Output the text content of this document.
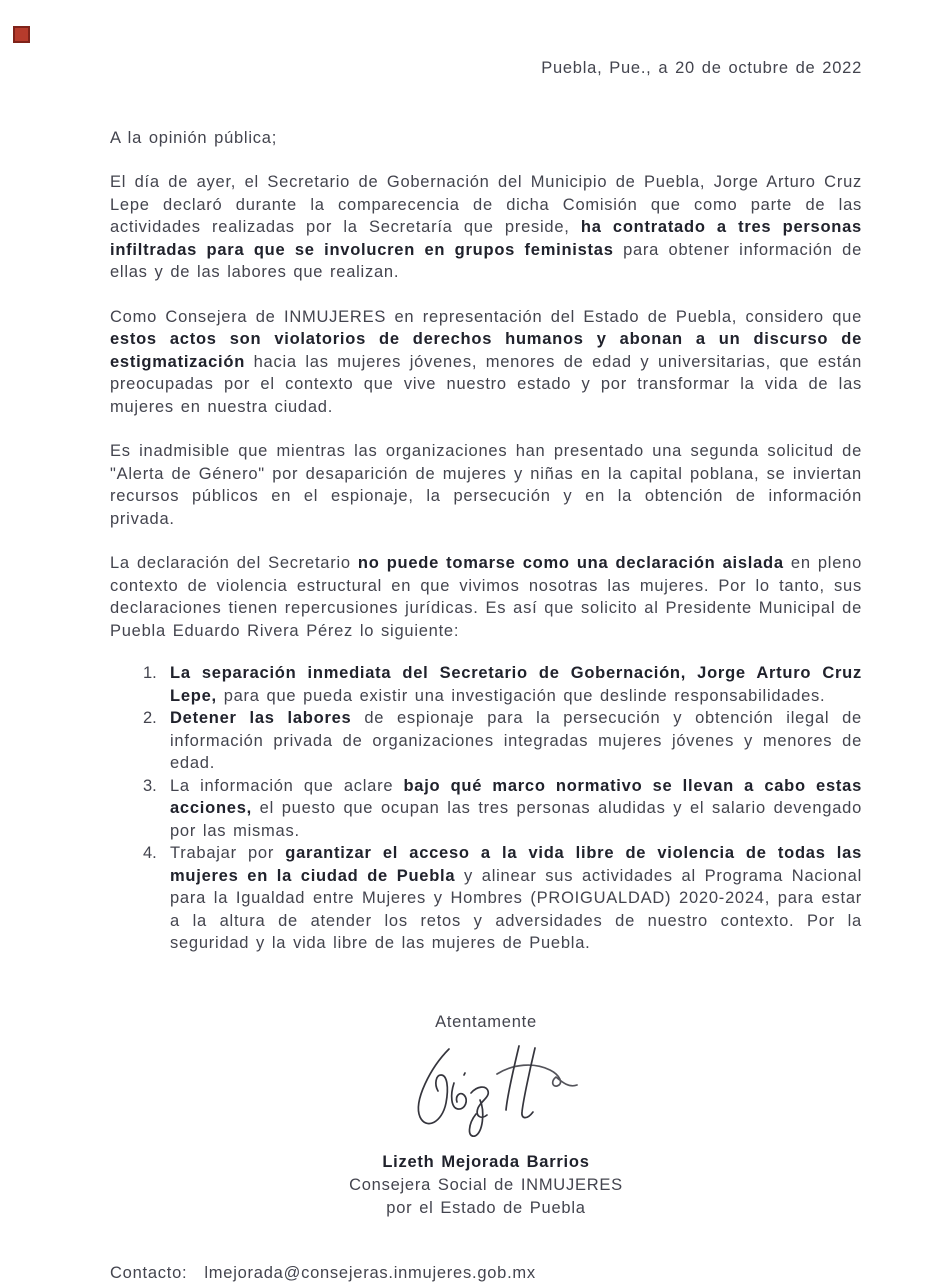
Puebla, Pue., a 20 de octubre de 2022
A la opinión pública;

El día de ayer, el Secretario de Gobernación del Municipio de Puebla, Jorge Arturo Cruz Lepe declaró durante la comparecencia de dicha Comisión que como parte de las actividades realizadas por la Secretaría que preside, ha contratado a tres personas infiltradas para que se involucren en grupos feministas para obtener información de ellas y de las labores que realizan.

Como Consejera de INMUJERES en representación del Estado de Puebla, considero que estos actos son violatorios de derechos humanos y abonan a un discurso de estigmatización hacia las mujeres jóvenes, menores de edad y universitarias, que están preocupadas por el contexto que vive nuestro estado y por transformar la vida de las mujeres en nuestra ciudad.

Es inadmisible que mientras las organizaciones han presentado una segunda solicitud de "Alerta de Género" por desaparición de mujeres y niñas en la capital poblana, se inviertan recursos públicos en el espionaje, la persecución y en la obtención de información privada.

La declaración del Secretario no puede tomarse como una declaración aislada en pleno contexto de violencia estructural en que vivimos nosotras las mujeres. Por lo tanto, sus declaraciones tienen repercusiones jurídicas. Es así que solicito al Presidente Municipal de Puebla Eduardo Rivera Pérez lo siguiente:

1. La separación inmediata del Secretario de Gobernación, Jorge Arturo Cruz Lepe, para que pueda existir una investigación que deslinde responsabilidades.
2. Detener las labores de espionaje para la persecución y obtención ilegal de información privada de organizaciones integradas mujeres jóvenes y menores de edad.
3. La información que aclare bajo qué marco normativo se llevan a cabo estas acciones, el puesto que ocupan las tres personas aludidas y el salario devengado por las mismas.
4. Trabajar por garantizar el acceso a la vida libre de violencia de todas las mujeres en la ciudad de Puebla y alinear sus actividades al Programa Nacional para la Igualdad entre Mujeres y Hombres (PROIGUALDAD) 2020-2024, para estar a la altura de atender los retos y adversidades de nuestro contexto. Por la seguridad y la vida libre de las mujeres de Puebla.
Atentamente
Lizeth Mejorada Barrios
Consejera Social de INMUJERES
por el Estado de Puebla
Contacto: lmejorada@consejeras.inmujeres.gob.mx
